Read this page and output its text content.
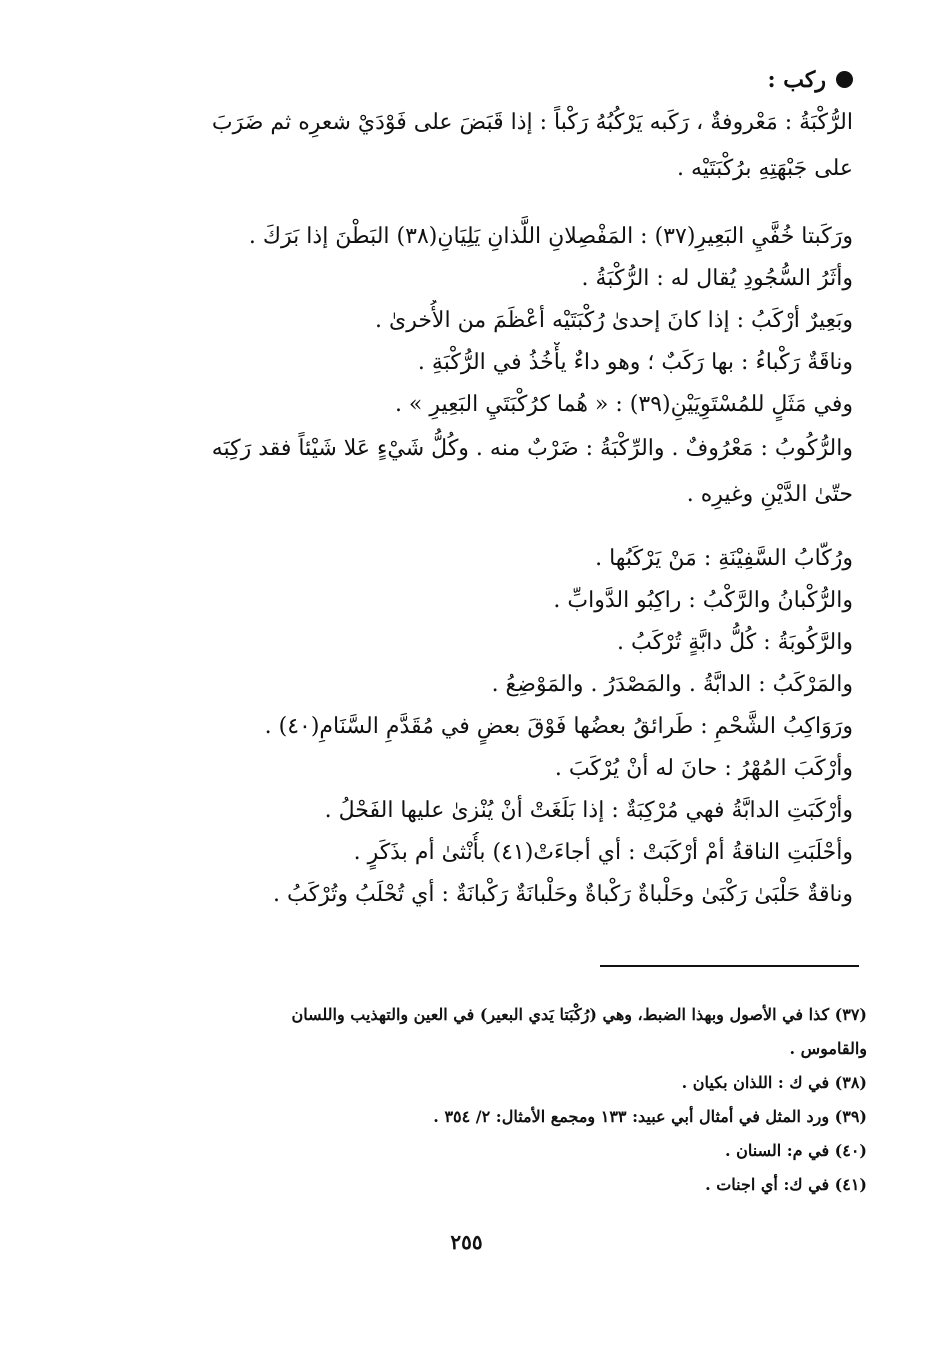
ركب :
الرُّكْبَةُ : مَعْروفةٌ ، رَكَبه يَرْكُبُهُ رَكْباً : إذا قَبَضَ على فَوْدَيْ شعرِه ثم ضَرَبَ
على جَبْهَتِهِ برُكْبَتَيْه .
ورَكَبتا خُفَّيِ البَعِيرِ(٣٧) : المَفْصِلانِ اللَّذانِ يَلِيَانِ(٣٨) البَطْنَ إذا بَرَكَ .
وأثَرُ السُّجُودِ يُقال له : الرُّكْبَةُ .
وبَعِيرٌ أرْكَبُ : إذا كانَ إحدىٰ رُكْبَتَيْه أعْظَمَ من الأُخرىٰ .
وناقَةٌ رَكْباءُ : بها رَكَبٌ ؛ وهو داءٌ يأْخُذُ في الرُّكْبَةِ .
وفي مَثَلٍ للمُسْتَوِيَيْنِ(٣٩) : « هُما كرُكْبَتَيِ البَعِيرِ » .
والرُّكُوبُ : مَعْرُوفٌ . والرِّكْبَةُ : ضَرْبٌ منه . وكُلُّ شَيْءٍ عَلا شَيْئاً فقد رَكِبَه
حتّىٰ الدَّيْنِ وغيرِه .
ورُكّابُ السَّفِيْنَةِ : مَنْ يَرْكَبُها .
والرُّكْبانُ والرَّكْبُ : راكِبُو الدَّوابِّ .
والرَّكُوبَةُ : كُلُّ دابَّةٍ تُرْكَبُ .
والمَرْكَبُ : الدابَّةُ . والمَصْدَرُ . والمَوْضِعُ .
ورَوَاكِبُ الشَّحْمِ : طَرائقُ بعضُها فَوْقَ بعضٍ في مُقَدَّمِ السَّنَامِ(٤٠) .
وأرْكَبَ المُهْرُ : حانَ له أنْ يُرْكَبَ .
وأرْكَبَتِ الدابَّةُ فهي مُرْكِبَةٌ : إذا بَلَغَتْ أنْ يُنْزىٰ عليها الفَحْلُ .
وأحْلَبَتِ الناقةُ أمْ أرْكَبَتْ : أي أجاءَتْ(٤١) بأُنْثىٰ أم بذَكَرٍ .
وناقةٌ حَلْبَىٰ رَكْبَىٰ وحَلْباةٌ رَكْباةٌ وحَلْبانَةٌ رَكْبانَةٌ : أي تُحْلَبُ وتُرْكَبُ .
(٣٧) كذا في الأصول وبهذا الضبط، وهي (رُكْبَتا يَدي البعير) في العين والتهذيب واللسان
والقاموس .
(٣٨) في ك : اللذان بكيان .
(٣٩) ورد المثل في أمثال أبي عبيد: ١٣٣ ومجمع الأمثال: ٢/ ٣٥٤ .
(٤٠) في م: السنان .
(٤١) في ك: أي اجنات .
٢٥٥
